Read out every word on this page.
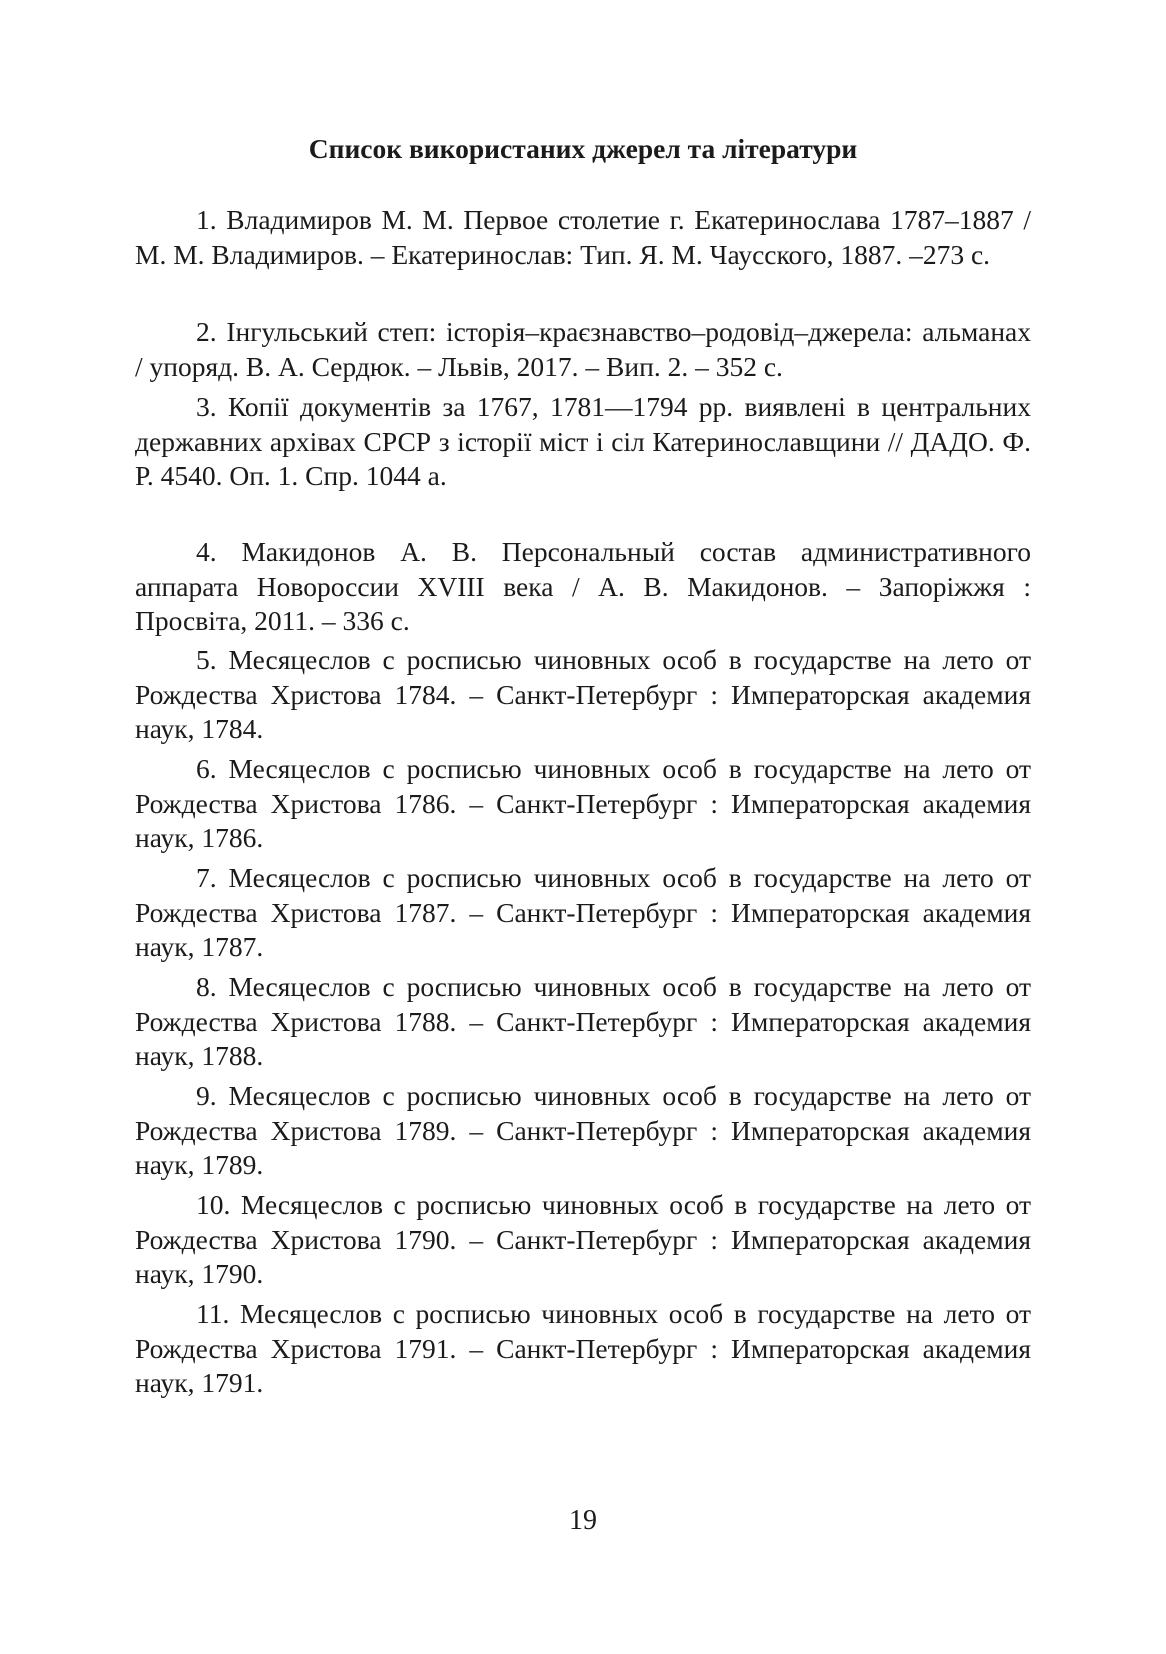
Список використаних джерел та літератури

1. Владимиров М. М. Первое столетие г. Екатеринослава 1787–1887 / М. М. Владимиров. – Екатеринослав: Тип. Я. М. Чаусского, 1887. –273 с.

2. Інгульський степ: історія–краєзнавство–родовід–джерела: альманах / упоряд. В. А. Сердюк. – Львів, 2017. – Вип. 2. – 352 с.

3. Копії документів за 1767, 1781—1794 рр. виявлені в центральних державних архівах СРСР з історії міст і сіл Катеринославщини // ДАДО. Ф. Р. 4540. Оп. 1. Спр. 1044 а.

4. Макидонов А. В. Персональный состав административного аппарата Новороссии XVIII века / А. В. Макидонов. – Запоріжжя : Просвіта, 2011. – 336 с.

5. Месяцеслов с росписью чиновных особ в государстве на лето от Рождества Христова 1784. – Санкт-Петербург : Императорская академия наук, 1784.

6. Месяцеслов с росписью чиновных особ в государстве на лето от Рождества Христова 1786. – Санкт-Петербург : Императорская академия наук, 1786.

7. Месяцеслов с росписью чиновных особ в государстве на лето от Рождества Христова 1787. – Санкт-Петербург : Императорская академия наук, 1787.

8. Месяцеслов с росписью чиновных особ в государстве на лето от Рождества Христова 1788. – Санкт-Петербург : Императорская академия наук, 1788.

9. Месяцеслов с росписью чиновных особ в государстве на лето от Рождества Христова 1789. – Санкт-Петербург : Императорская академия наук, 1789.

10. Месяцеслов с росписью чиновных особ в государстве на лето от Рождества Христова 1790. – Санкт-Петербург : Императорская академия наук, 1790.

11. Месяцеслов с росписью чиновных особ в государстве на лето от Рождества Христова 1791. – Санкт-Петербург : Императорская академия наук, 1791.

19
